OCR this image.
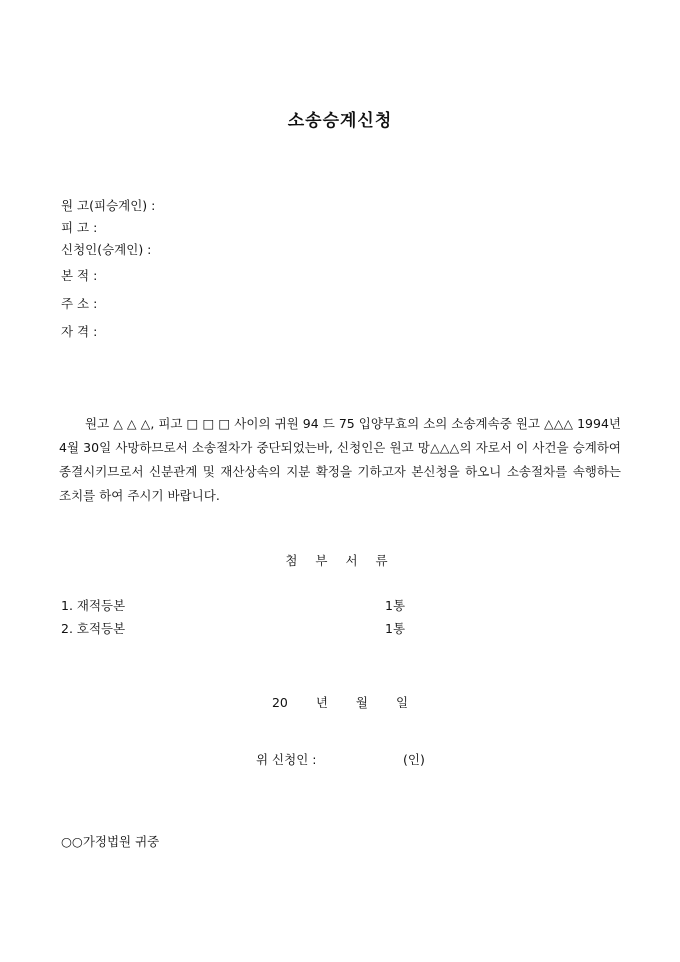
소송승계신청
원 고(피승계인) :
피 고 :
신청인(승계인) :
본 적 :
주 소 :
자 격 :

원고 △ △ △, 피고 □ □ □ 사이의 귀원 94 드 75 입양무효의 소의 소송계속중 원고 △△△ 1994년 4월 30일 사망하므로서 소송절차가 중단되었는바, 신청인은 원고 망△△△의 자로서 이 사건을 승계하여 종결시키므로서 신분관계 및 재산상속의 지분 확정을 기하고자 본신청을 하오니 소송절차를 속행하는 조치를 하여 주시기 바랍니다.

첨 부 서 류
1. 재적등본	1통
2. 호적등본	1통
20 년 월 일
위 신청인 :	(인)
○○가정법원 귀중
